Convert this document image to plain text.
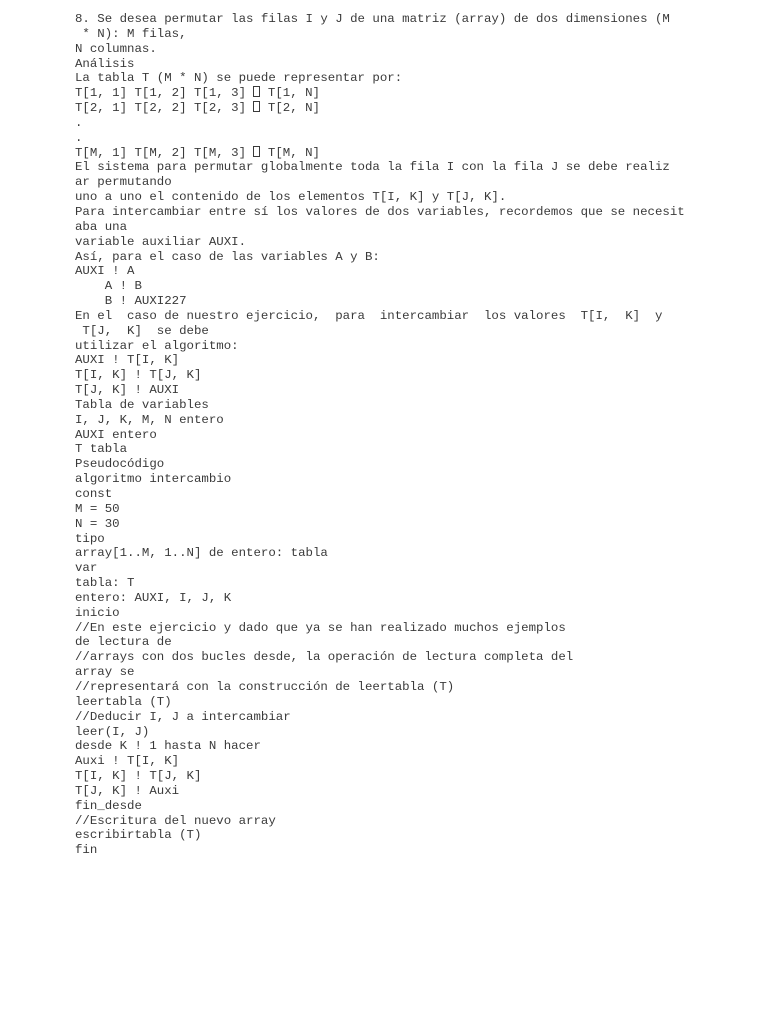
8. Se desea permutar las filas I y J de una matriz (array) de dos dimensiones (M
* N): M filas,
N columnas.
Análisis
La tabla T (M * N) se puede representar por:
T[1, 1] T[1, 2] T[1, 3]  T[1, N]
T[2, 1] T[2, 2] T[2, 3]  T[2, N]
.
.
T[M, 1] T[M, 2] T[M, 3]  T[M, N]
El sistema para permutar globalmente toda la fila I con la fila J se debe realiz
ar permutando
uno a uno el contenido de los elementos T[I, K] y T[J, K].
Para intercambiar entre sí los valores de dos variables, recordemos que se necesit
aba una
variable auxiliar AUXI.
Así, para el caso de las variables A y B:
AUXI ! A
A ! B
B ! AUXI227
En el  caso de nuestro ejercicio,  para  intercambiar  los valores  T[I,  K]  y
T[J,  K]  se debe
utilizar el algoritmo:
AUXI ! T[I, K]
T[I, K] ! T[J, K]
T[J, K] ! AUXI
Tabla de variables
I, J, K, M, N entero
AUXI entero
T tabla
Pseudocódigo
algoritmo intercambio
const
M = 50
N = 30
tipo
array[1..M, 1..N] de entero: tabla
var
tabla: T
entero: AUXI, I, J, K
inicio
//En este ejercicio y dado que ya se han realizado muchos ejemplos
de lectura de
//arrays con dos bucles desde, la operación de lectura completa del
array se
//representará con la construcción de leertabla (T)
leertabla (T)
//Deducir I, J a intercambiar
leer(I, J)
desde K ! 1 hasta N hacer
Auxi ! T[I, K]
T[I, K] ! T[J, K]
T[J, K] ! Auxi
fin_desde
//Escritura del nuevo array
escribirtabla (T)
fin
